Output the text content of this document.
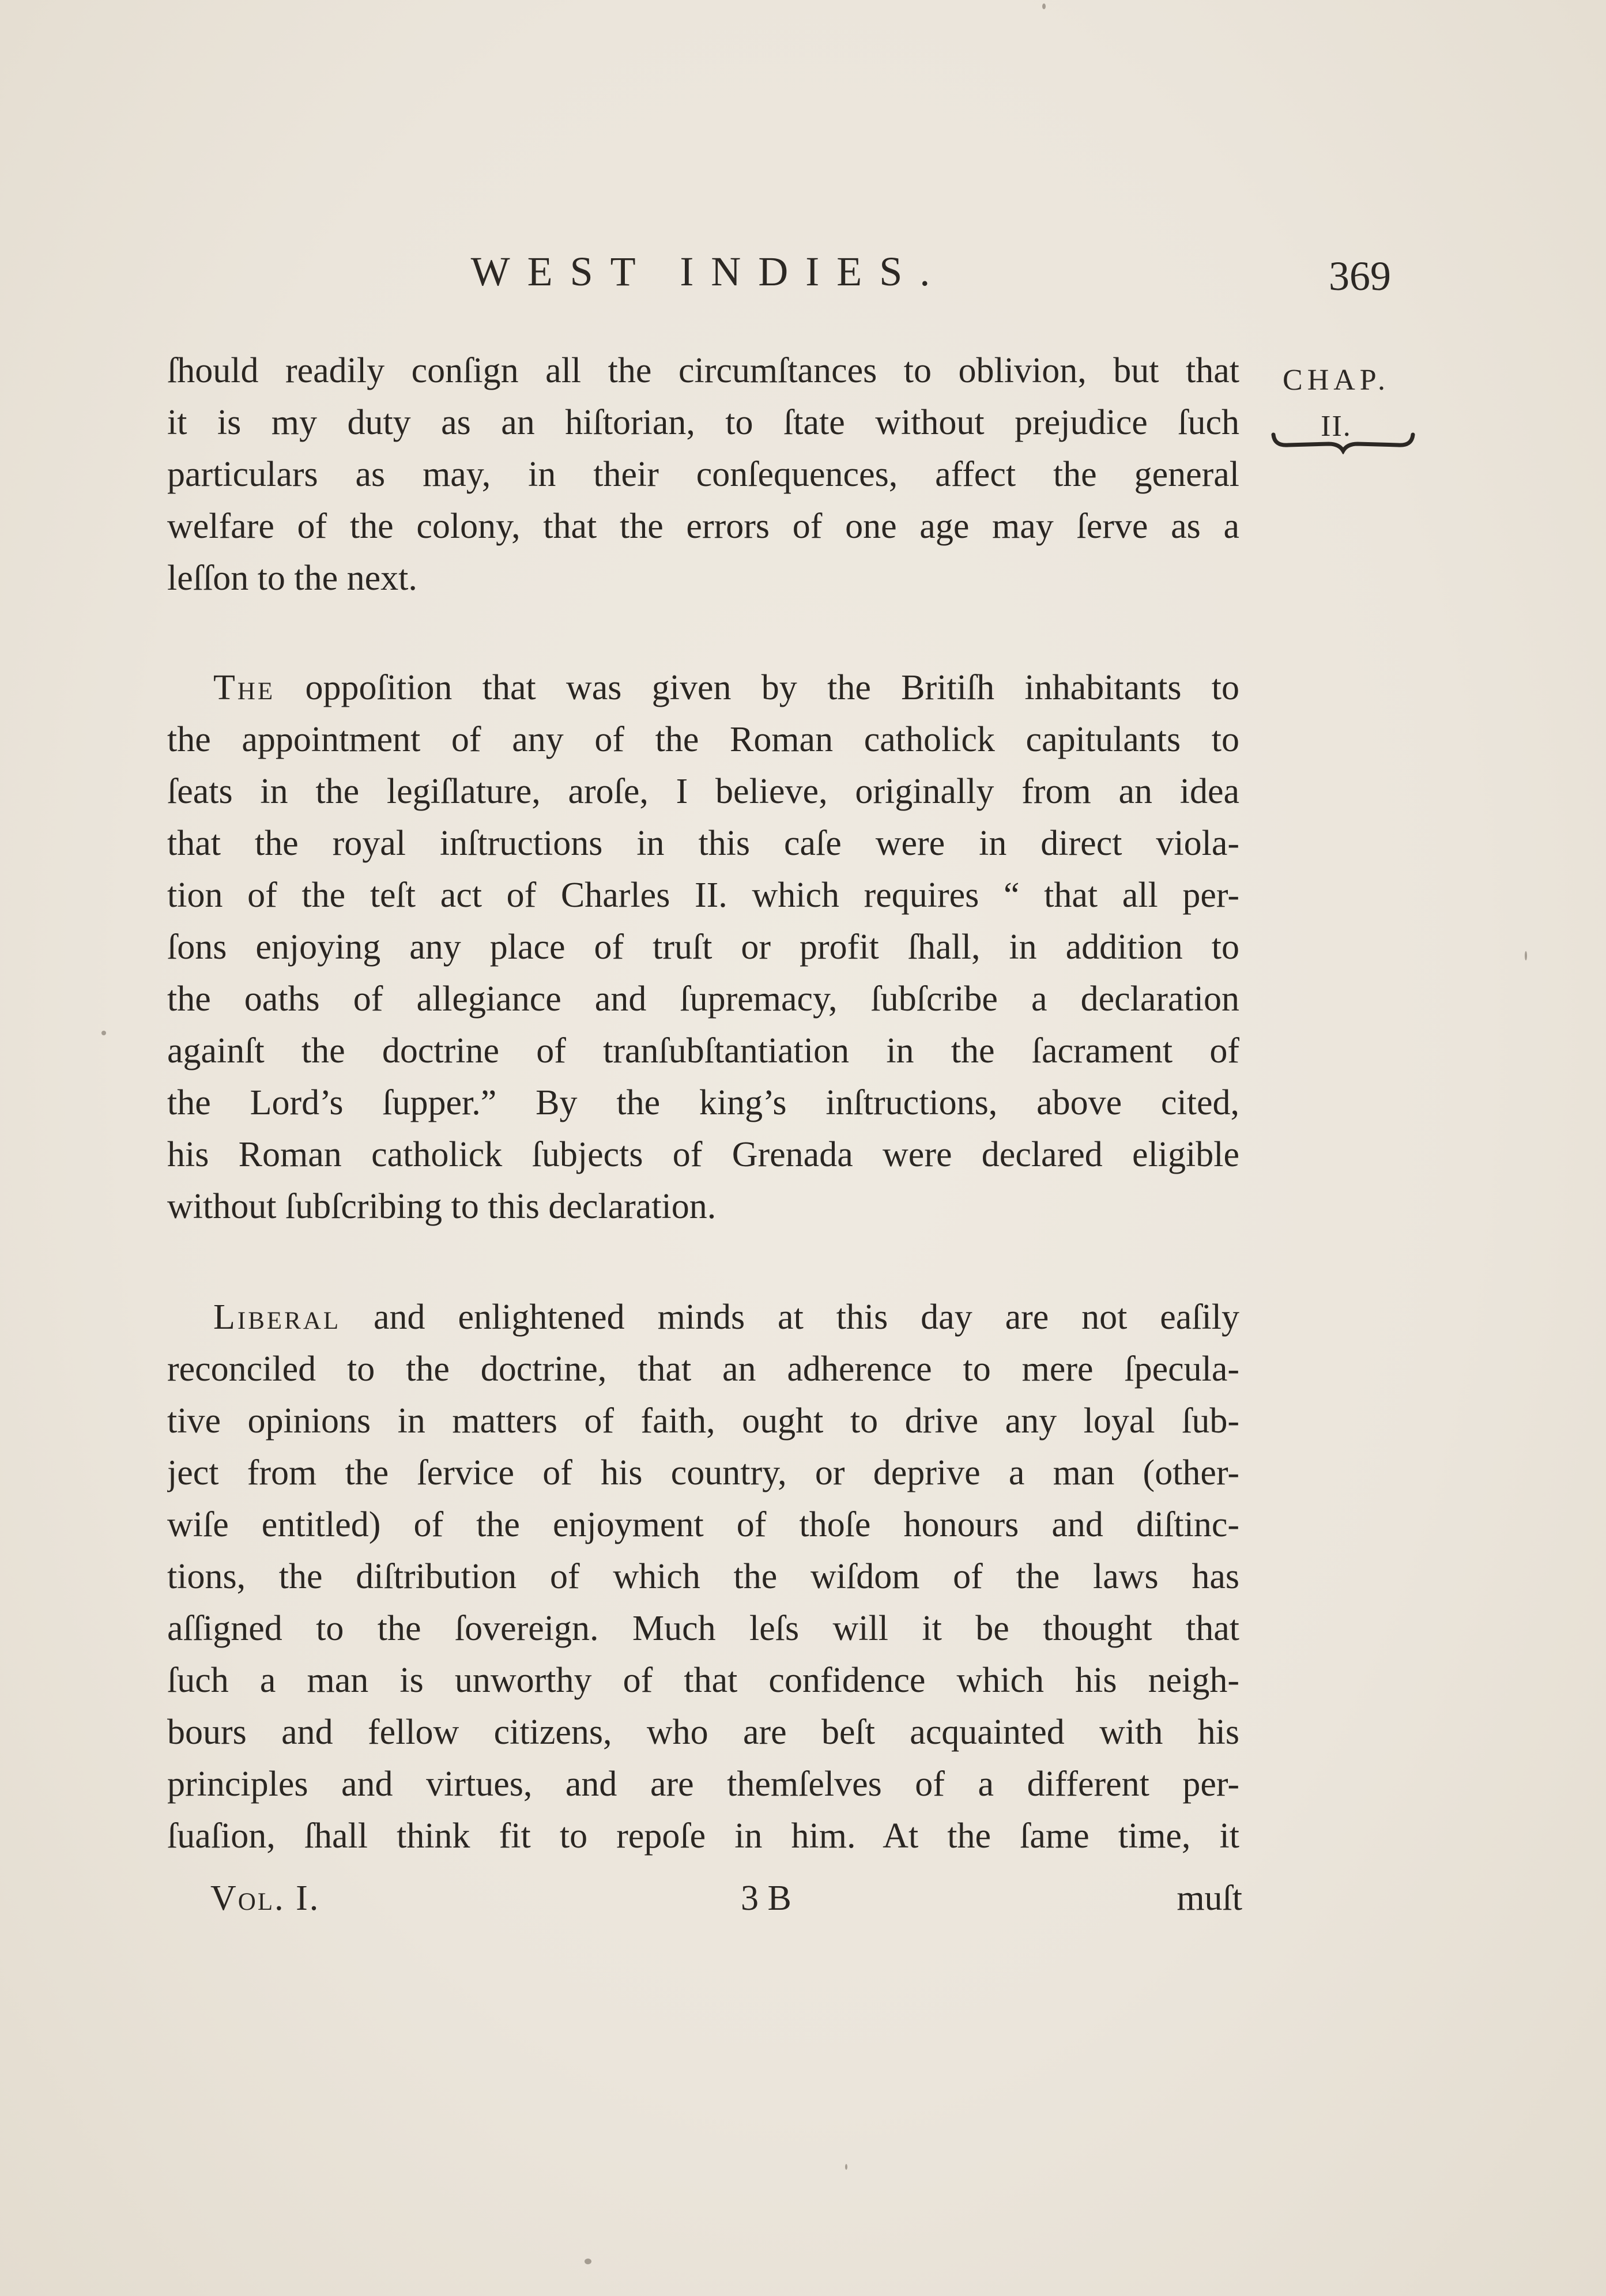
WEST INDIES.	369
CHAP.
II.
ſhould readily conſign all the circumſtances to oblivion, but that
it is my duty as an hiſtorian, to ſtate without prejudice ſuch
particulars as may, in their conſequences, affect the general
welfare of the colony, that the errors of one age may ſerve as a
leſſon to the next.
The oppoſition that was given by the Britiſh inhabitants to
the appointment of any of the Roman catholick capitulants to
ſeats in the legiſlature, aroſe, I believe, originally from an idea
that the royal inſtructions in this caſe were in direct viola-
tion of the teſt act of Charles II. which requires “ that all per-
ſons enjoying any place of truſt or profit ſhall, in addition to
the oaths of allegiance and ſupremacy, ſubſcribe a declaration
againſt the doctrine of tranſubſtantiation in the ſacrament of
the Lord’s ſupper.” By the king’s inſtructions, above cited,
his Roman catholick ſubjects of Grenada were declared eligible
without ſubſcribing to this declaration.
Liberal and enlightened minds at this day are not eaſily
reconciled to the doctrine, that an adherence to mere ſpecula-
tive opinions in matters of faith, ought to drive any loyal ſub-
ject from the ſervice of his country, or deprive a man (other-
wiſe entitled) of the enjoyment of thoſe honours and diſtinc-
tions, the diſtribution of which the wiſdom of the laws has
aſſigned to the ſovereign. Much leſs will it be thought that
ſuch a man is unworthy of that confidence which his neigh-
bours and fellow citizens, who are beſt acquainted with his
principles and virtues, and are themſelves of a different per-
ſuaſion, ſhall think fit to repoſe in him. At the ſame time, it
Vol. I.	3 B	muſt
